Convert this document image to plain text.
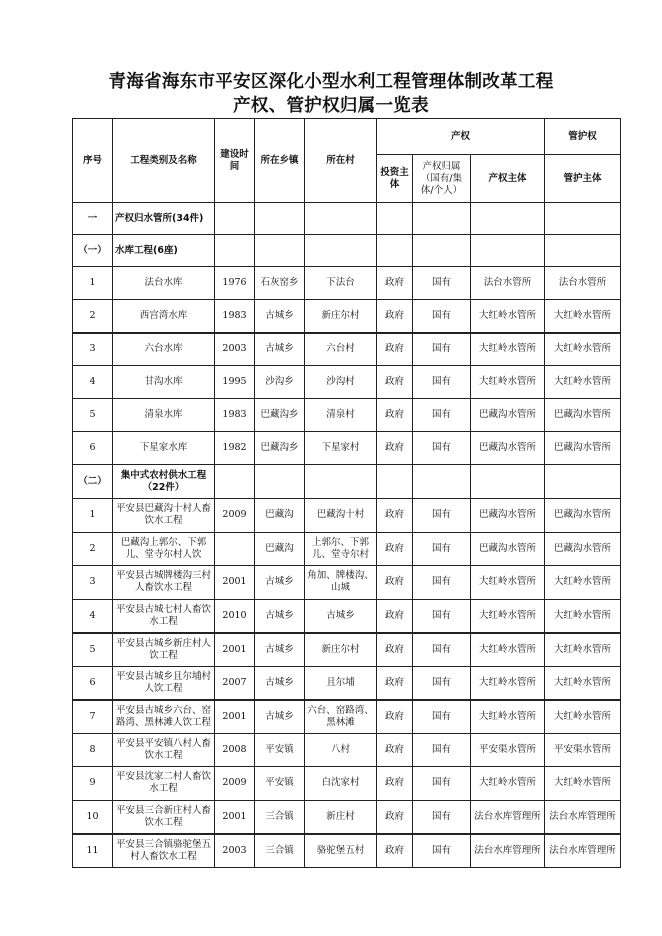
青海省海东市平安区深化小型水利工程管理体制改革工程
产权、管护权归属一览表
序号	工程类别及名称	建设时间	所在乡镇	所在村	产权			管护权
					投资主体	产权归属（国有/集体/个人）	产权主体	管护主体
一	产权归水管所(34件)							
（一）	水库工程(6座)							
1	法台水库	1976	石灰窑乡	下法台	政府	国有	法台水管所	法台水管所
2	西宫湾水库	1983	古城乡	新庄尔村	政府	国有	大红岭水管所	大红岭水管所
3	六台水库	2003	古城乡	六台村	政府	国有	大红岭水管所	大红岭水管所
4	甘沟水库	1995	沙沟乡	沙沟村	政府	国有	大红岭水管所	大红岭水管所
5	清泉水库	1983	巴藏沟乡	清泉村	政府	国有	巴藏沟水管所	巴藏沟水管所
6	下星家水库	1982	巴藏沟乡	下星家村	政府	国有	巴藏沟水管所	巴藏沟水管所
（二）	集中式农村供水工程（22件）							
1	平安县巴藏沟十村人畜饮水工程	2009	巴藏沟	巴藏沟十村	政府	国有	巴藏沟水管所	巴藏沟水管所
2	巴藏沟上郭尔、下郭儿、堂寺尔村人饮		巴藏沟	上郭尔、下郭儿、堂寺尔村	政府	国有	巴藏沟水管所	巴藏沟水管所
3	平安县古城牌楼沟三村人畜饮水工程	2001	古城乡	角加、牌楼沟、山城	政府	国有	大红岭水管所	大红岭水管所
4	平安县古城七村人畜饮水工程	2010	古城乡	古城乡	政府	国有	大红岭水管所	大红岭水管所
5	平安县古城乡新庄村人饮工程	2001	古城乡	新庄尔村	政府	国有	大红岭水管所	大红岭水管所
6	平安县古城乡且尔埔村人饮工程	2007	古城乡	且尔埔	政府	国有	大红岭水管所	大红岭水管所
7	平安县古城乡六台、窑路湾、黑林滩人饮工程	2001	古城乡	六台、窑路湾、黑林滩	政府	国有	大红岭水管所	大红岭水管所
8	平安县平安镇八村人畜饮水工程	2008	平安镇	八村	政府	国有	平安渠水管所	平安渠水管所
9	平安县沈家二村人畜饮水工程	2009	平安镇	白沈家村	政府	国有	大红岭水管所	大红岭水管所
10	平安县三合新庄村人畜饮水工程	2001	三合镇	新庄村	政府	国有	法台水库管理所	法台水库管理所
11	平安县三合镇骆驼堡五村人畜饮水工程	2003	三合镇	骆驼堡五村	政府	国有	法台水库管理所	法台水库管理所
